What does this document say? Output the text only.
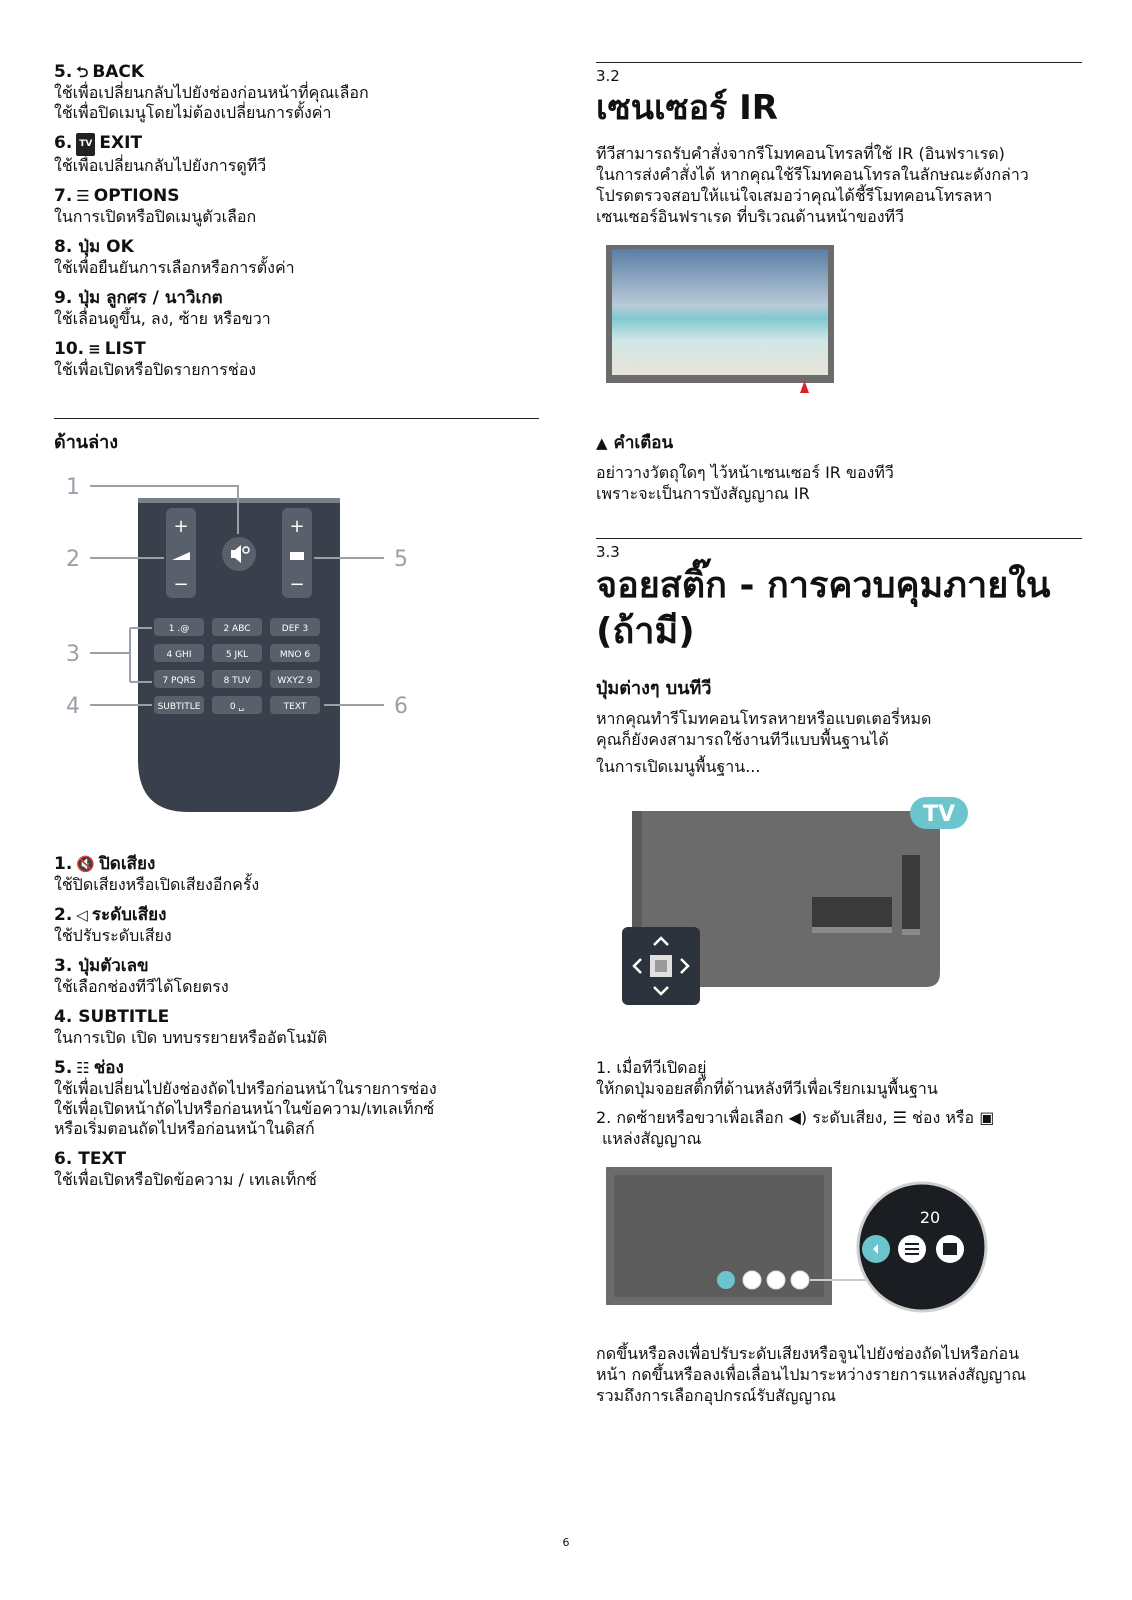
5. ⮌ BACK
ใช้เพื่อเปลี่ยนกลับไปยังช่องก่อนหน้าที่คุณเลือก
ใช้เพื่อปิดเมนูโดยไม่ต้องเปลี่ยนการตั้งค่า
6. TV EXIT
ใช้เพื่อเปลี่ยนกลับไปยังการดูทีวี
7. ☰ OPTIONS
ในการเปิดหรือปิดเมนูตัวเลือก
8. ปุ่ม OK
ใช้เพื่อยืนยันการเลือกหรือการตั้งค่า
9. ปุ่ม ลูกศร / นาวิเกต
ใช้เลื่อนดูขึ้น, ลง, ซ้าย หรือขวา
10. ≡ LIST
ใช้เพื่อเปิดหรือปิดรายการช่อง
ด้านล่าง
+
−
+
−
1 .@	2 ABC	DEF 3
4 GHI	5 JKL	MNO 6
7 PQRS	8 TUV	WXYZ 9
SUBTITLE	0 ␣	TEXT
1
2
3
4
5
6
1. 🔇 ปิดเสียง
ใช้ปิดเสียงหรือเปิดเสียงอีกครั้ง
2. ◁ ระดับเสียง
ใช้ปรับระดับเสียง
3. ปุ่มตัวเลข
ใช้เลือกช่องทีวีได้โดยตรง
4. SUBTITLE
ในการเปิด เปิด บทบรรยายหรืออัตโนมัติ
5. ☷ ช่อง
ใช้เพื่อเปลี่ยนไปยังช่องถัดไปหรือก่อนหน้าในรายการช่อง
ใช้เพื่อเปิดหน้าถัดไปหรือก่อนหน้าในข้อความ/เทเลเท็กซ์
หรือเริ่มตอนถัดไปหรือก่อนหน้าในดิสก์
6. TEXT
ใช้เพื่อเปิดหรือปิดข้อความ / เทเลเท็กซ์
3.2
เซนเซอร์ IR
ทีวีสามารถรับคำสั่งจากรีโมทคอนโทรลที่ใช้ IR (อินฟราเรด)
ในการส่งคำสั่งได้ หากคุณใช้รีโมทคอนโทรลในลักษณะดังกล่าว
โปรดตรวจสอบให้แน่ใจเสมอว่าคุณได้ชี้รีโมทคอนโทรลหา
เซนเซอร์อินฟราเรด ที่บริเวณด้านหน้าของทีวี
▲ คำเตือน
อย่าวางวัตถุใดๆ ไว้หน้าเซนเซอร์ IR ของทีวี
เพราะจะเป็นการบังสัญญาณ IR
3.3
จอยสติ๊ก - การควบคุมภายใน
(ถ้ามี)
ปุ่มต่างๆ บนทีวี
หากคุณทำรีโมทคอนโทรลหายหรือแบตเตอรี่หมด
คุณก็ยังคงสามารถใช้งานทีวีแบบพื้นฐานได้
ในการเปิดเมนูพื้นฐาน...
TV
1. เมื่อทีวีเปิดอยู่
ให้กดปุ่มจอยสติ๊กที่ด้านหลังทีวีเพื่อเรียกเมนูพื้นฐาน
2. กดซ้ายหรือขวาเพื่อเลือก ◀) ระดับเสียง, ☰ ช่อง หรือ ▣
แหล่งสัญญาณ
20
กดขึ้นหรือลงเพื่อปรับระดับเสียงหรือจูนไปยังช่องถัดไปหรือก่อน
หน้า กดขึ้นหรือลงเพื่อเลื่อนไปมาระหว่างรายการแหล่งสัญญาณ
รวมถึงการเลือกอุปกรณ์รับสัญญาณ
6
